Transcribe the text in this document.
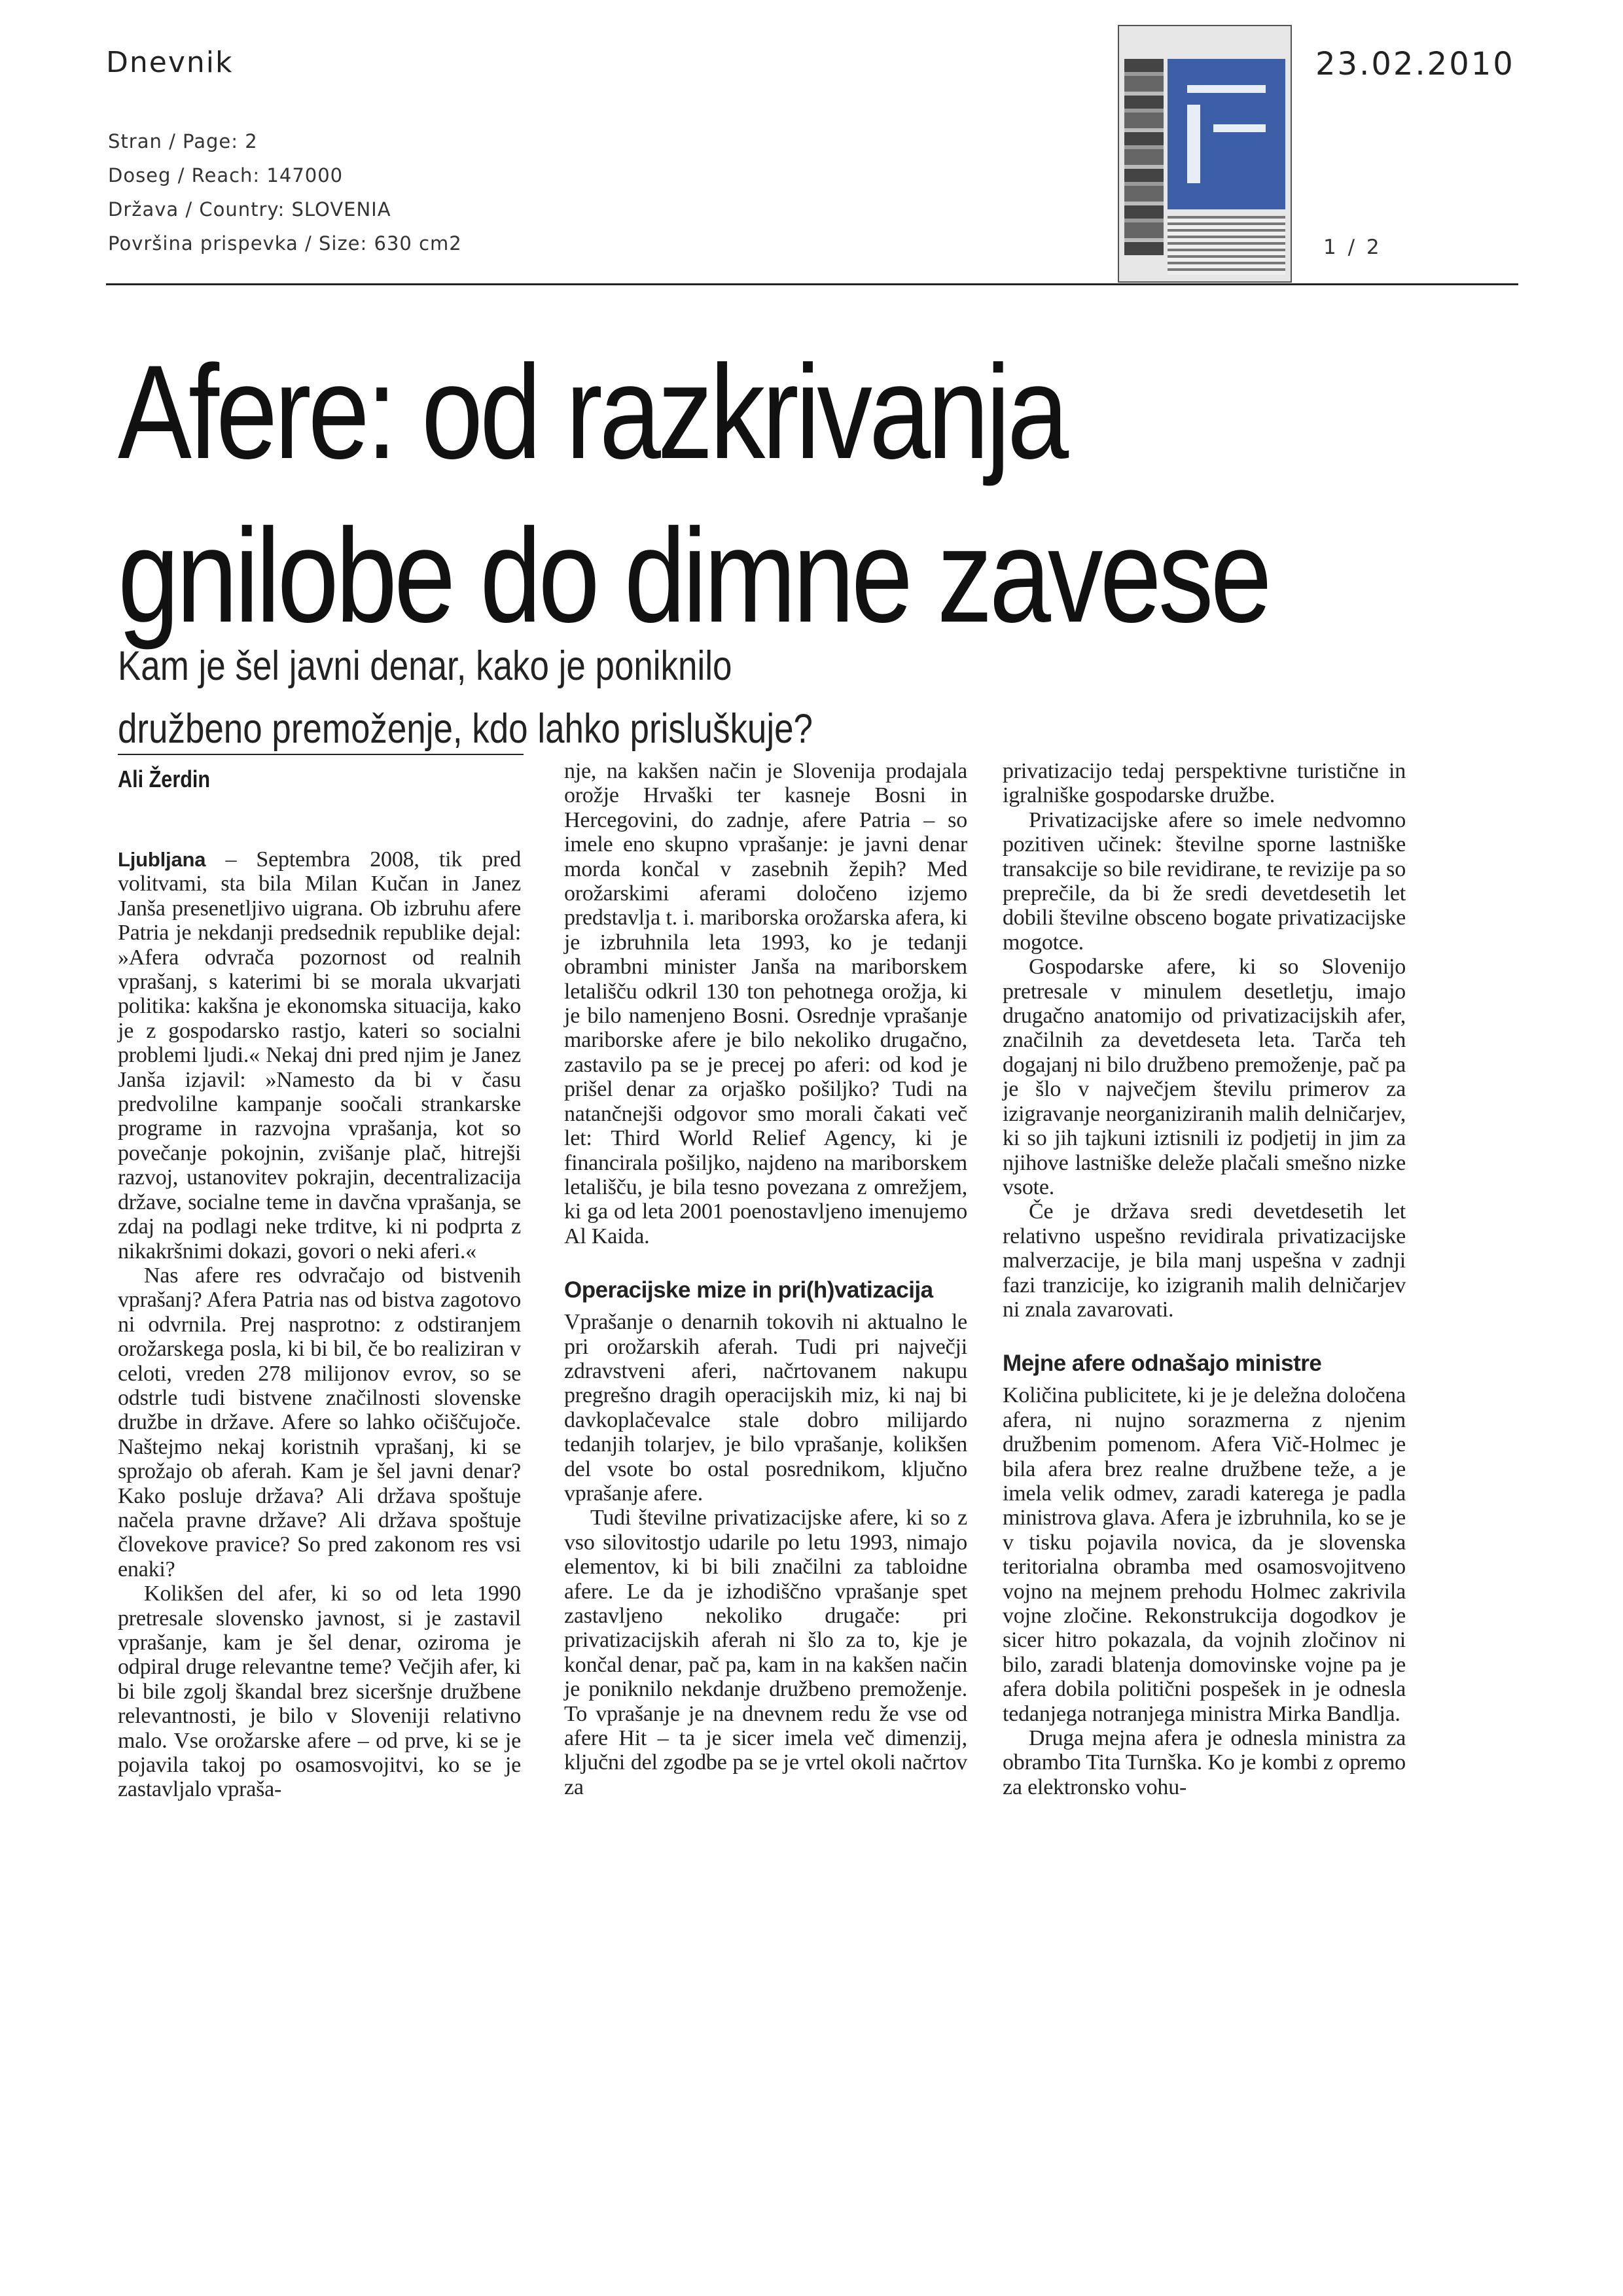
Dnevnik
Stran / Page: 2
Doseg / Reach: 147000
Država / Country: SLOVENIA
Površina prispevka / Size: 630 cm2
23.02.2010
1 / 2
Afere: od razkrivanja
gnilobe do dimne zavese
Kam je šel javni denar, kako je poniknilo
družbeno premoženje, kdo lahko prisluškuje?
Ali Žerdin

Ljubljana – Septembra 2008, tik pred volitvami, sta bila Milan Kučan in Janez Janša presenetljivo uigrana. Ob izbruhu afere Patria je nekdanji predsednik republike dejal: »Afera odvrača pozornost od realnih vprašanj, s katerimi bi se morala ukvarjati politika: kakšna je ekonomska situacija, kako je z gospodarsko rastjo, kateri so socialni problemi ljudi.« Nekaj dni pred njim je Janez Janša izjavil: »Namesto da bi v času predvolilne kampanje soočali strankarske programe in razvojna vprašanja, kot so povečanje pokojnin, zvišanje plač, hitrejši razvoj, ustanovitev pokrajin, decentralizacija države, socialne teme in davčna vprašanja, se zdaj na podlagi neke trditve, ki ni podprta z nikakršnimi dokazi, govori o neki aferi.«

Nas afere res odvračajo od bistvenih vprašanj? Afera Patria nas od bistva zagotovo ni odvrnila. Prej nasprotno: z odstiranjem orožarskega posla, ki bi bil, če bo realiziran v celoti, vreden 278 milijonov evrov, so se odstrle tudi bistvene značilnosti slovenske družbe in države. Afere so lahko očiščujoče. Naštejmo nekaj koristnih vprašanj, ki se sprožajo ob aferah. Kam je šel javni denar? Kako posluje država? Ali država spoštuje načela pravne države? Ali država spoštuje človekove pravice? So pred zakonom res vsi enaki?

Kolikšen del afer, ki so od leta 1990 pretresale slovensko javnost, si je zastavil vprašanje, kam je šel denar, oziroma je odpiral druge relevantne teme? Večjih afer, ki bi bile zgolj škandal brez siceršnje družbene relevantnosti, je bilo v Sloveniji relativno malo. Vse orožarske afere – od prve, ki se je pojavila takoj po osamosvojitvi, ko se je zastavljalo vpraša-

nje, na kakšen način je Slovenija prodajala orožje Hrvaški ter kasneje Bosni in Hercegovini, do zadnje, afere Patria – so imele eno skupno vprašanje: je javni denar morda končal v zasebnih žepih? Med orožarskimi aferami določeno izjemo predstavlja t. i. mariborska orožarska afera, ki je izbruhnila leta 1993, ko je tedanji obrambni minister Janša na mariborskem letališču odkril 130 ton pehotnega orožja, ki je bilo namenjeno Bosni. Osrednje vprašanje mariborske afere je bilo nekoliko drugačno, zastavilo pa se je precej po aferi: od kod je prišel denar za orjaško pošiljko? Tudi na natančnejši odgovor smo morali čakati več let: Third World Relief Agency, ki je financirala pošiljko, najdeno na mariborskem letališču, je bila tesno povezana z omrežjem, ki ga od leta 2001 poenostavljeno imenujemo Al Kaida.

Operacijske mize in pri(h)vatizacija

Vprašanje o denarnih tokovih ni aktualno le pri orožarskih aferah. Tudi pri največji zdravstveni aferi, načrtovanem nakupu pregrešno dragih operacijskih miz, ki naj bi davkoplačevalce stale dobro milijardo tedanjih tolarjev, je bilo vprašanje, kolikšen del vsote bo ostal posrednikom, ključno vprašanje afere.

Tudi številne privatizacijske afere, ki so z vso silovitostjo udarile po letu 1993, nimajo elementov, ki bi bili značilni za tabloidne afere. Le da je izhodiščno vprašanje spet zastavljeno nekoliko drugače: pri privatizacijskih aferah ni šlo za to, kje je končal denar, pač pa, kam in na kakšen način je poniknilo nekdanje družbeno premoženje. To vprašanje je na dnevnem redu že vse od afere Hit – ta je sicer imela več dimenzij, ključni del zgodbe pa se je vrtel okoli načrtov za

privatizacijo tedaj perspektivne turistične in igralniške gospodarske družbe.

Privatizacijske afere so imele nedvomno pozitiven učinek: številne sporne lastniške transakcije so bile revidirane, te revizije pa so preprečile, da bi že sredi devetdesetih let dobili številne obsceno bogate privatizacijske mogotce.

Gospodarske afere, ki so Slovenijo pretresale v minulem desetletju, imajo drugačno anatomijo od privatizacijskih afer, značilnih za devetdeseta leta. Tarča teh dogajanj ni bilo družbeno premoženje, pač pa je šlo v največjem številu primerov za izigravanje neorganiziranih malih delničarjev, ki so jih tajkuni iztisnili iz podjetij in jim za njihove lastniške deleže plačali smešno nizke vsote.

Če je država sredi devetdesetih let relativno uspešno revidirala privatizacijske malverzacije, je bila manj uspešna v zadnji fazi tranzicije, ko izigranih malih delničarjev ni znala zavarovati.

Mejne afere odnašajo ministre

Količina publicitete, ki je je deležna določena afera, ni nujno sorazmerna z njenim družbenim pomenom. Afera Vič-Holmec je bila afera brez realne družbene teže, a je imela velik odmev, zaradi katerega je padla ministrova glava. Afera je izbruhnila, ko se je v tisku pojavila novica, da je slovenska teritorialna obramba med osamosvojitveno vojno na mejnem prehodu Holmec zakrivila vojne zločine. Rekonstrukcija dogodkov je sicer hitro pokazala, da vojnih zločinov ni bilo, zaradi blatenja domovinske vojne pa je afera dobila politični pospešek in je odnesla tedanjega notranjega ministra Mirka Bandlja.

Druga mejna afera je odnesla ministra za obrambo Tita Turnška. Ko je kombi z opremo za elektronsko vohu-
